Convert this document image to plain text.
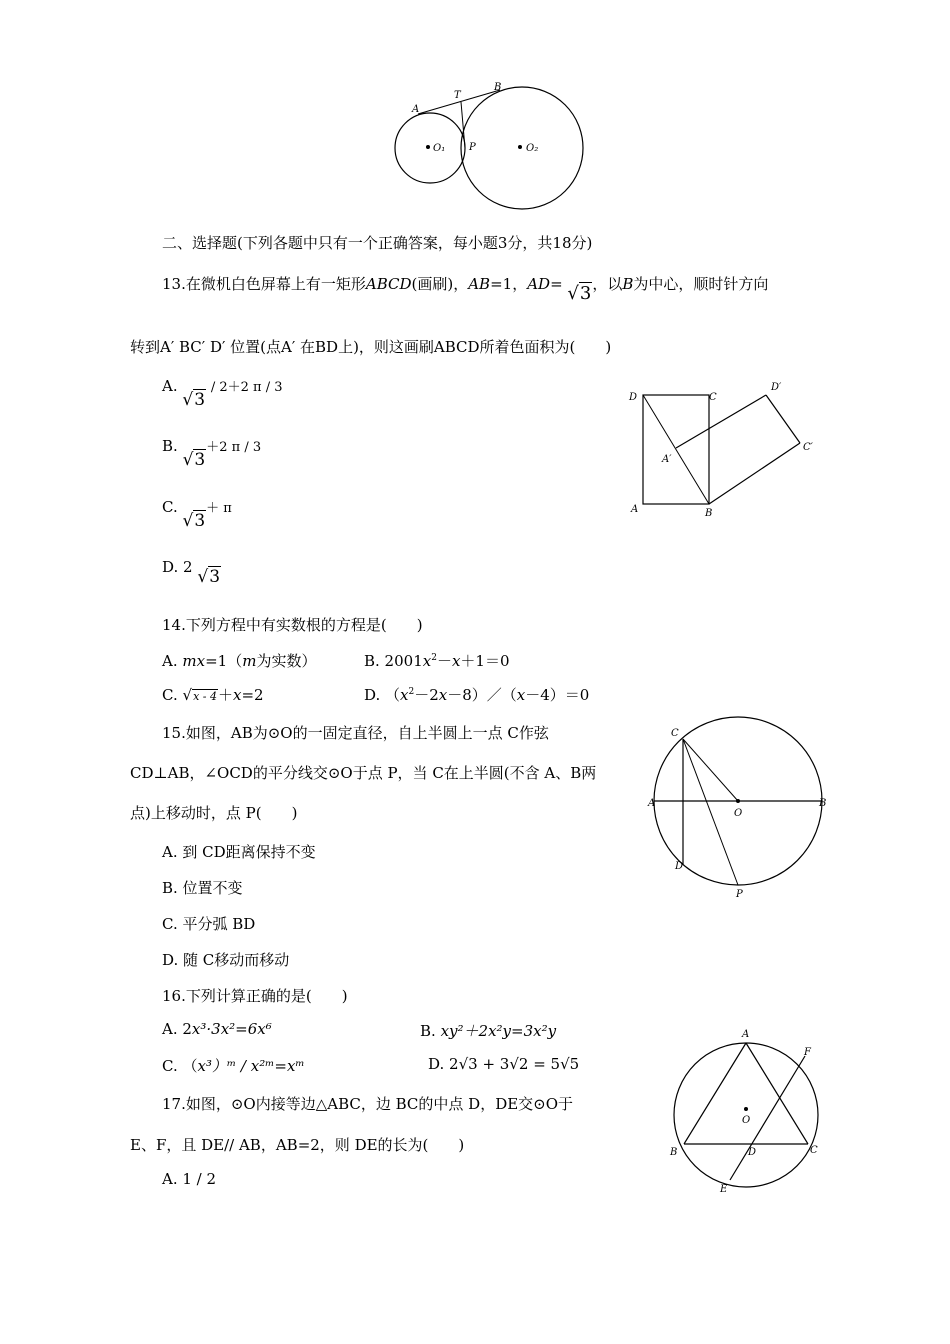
A
T
B
P
O₁	O₂
二、选择题(下列各题中只有一个正确答案，每小题3分，共18分)
13.在微机白色屏幕上有一矩形ABCD(画刷)，AB=1，AD= √3，以B为中心，顺时针方向
转到A′ BC′ D′ 位置(点A′ 在BD上)，则这画刷ABCD所着色面积为(　　)
A. √3 / 2＋2 π / 3
B. √3＋2 π / 3
C. √3＋ π
D. 2 √3
D	C
D′
C′
A′
A	B
14.下列方程中有实数根的方程是(　　)
A. mx=1（m为实数）	B. $2001x^2-x+1=0$
C. √x - 4＋x=2	D. $(x^2-2x-8)/(x-4)=0$
15.如图，AB为⊙O的一固定直径，自上半圆上一点 C作弦
CD⊥AB，∠OCD的平分线交⊙O于点 P，当 C在上半圆(不含 A、B两
点)上移动时，点 P(　　)
A. 到 CD距离保持不变
B. 位置不变
C. 平分弧 BD
D. 随 C移动而移动
C
A	B
O
D
P
16.下列计算正确的是(　　)
A. 2x³·3x²=6x⁶	B. xy²＋2x²y=3x²y
C. （x³）ᵐ / x²ᵐ=xᵐ	D. 2√3 + 3√2 = 5√5
17.如图，⊙O内接等边△ABC，边 BC的中点 D，DE交⊙O于
E、F，且 DE// AB，AB=2，则 DE的长为(　　)
A. 1 / 2
A
F
O
B	D	C
E
